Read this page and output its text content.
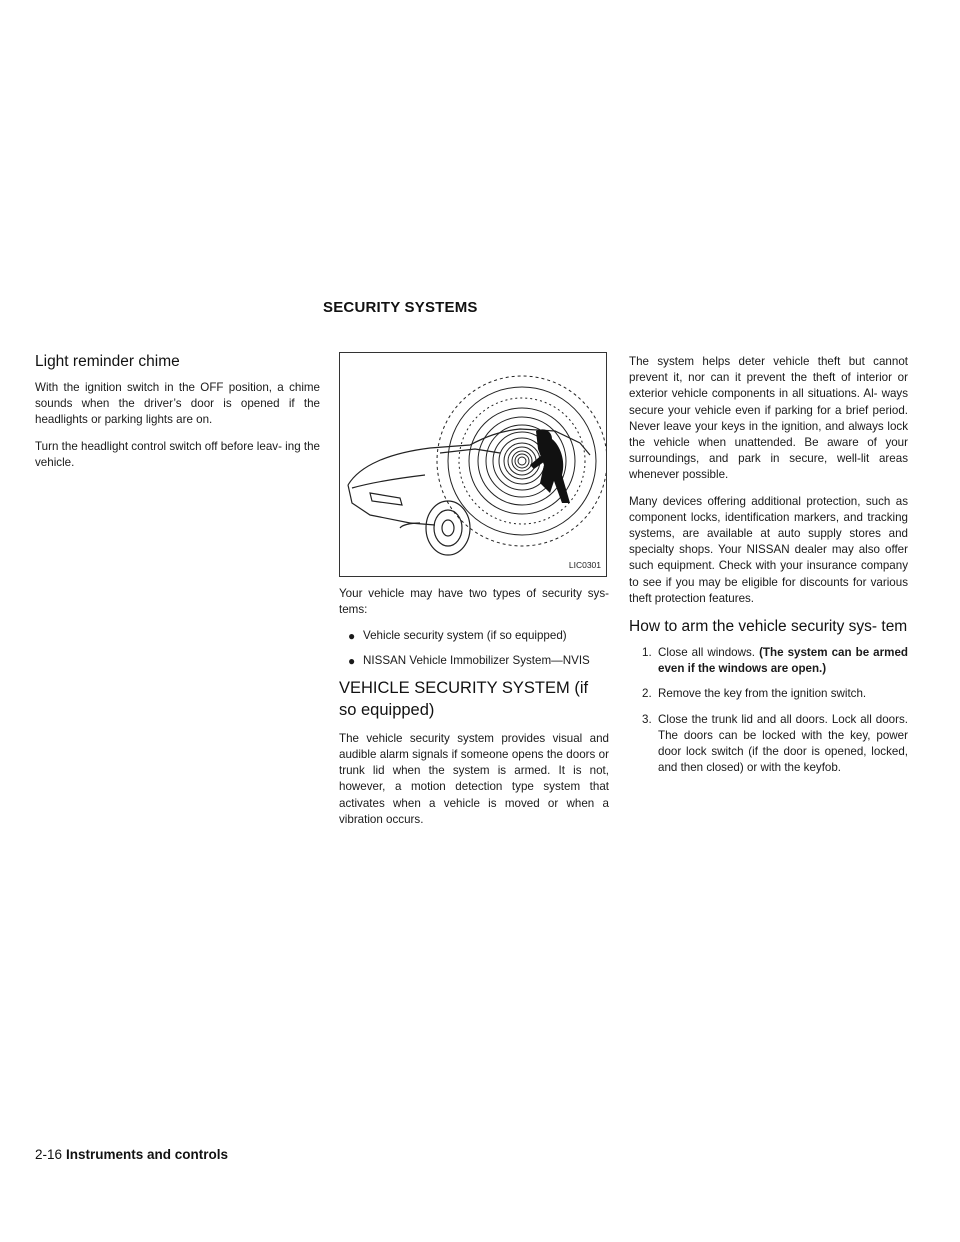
SECURITY SYSTEMS
Light reminder chime

With the ignition switch in the OFF position, a chime sounds when the driver’s door is opened if the headlights or parking lights are on.

Turn the headlight control switch off before leav- ing the vehicle.

LIC0301

Your vehicle may have two types of security sys- tems:

● Vehicle security system (if so equipped)
● NISSAN Vehicle Immobilizer System—NVIS
VEHICLE SECURITY SYSTEM (if so equipped)

The vehicle security system provides visual and audible alarm signals if someone opens the doors or trunk lid when the system is armed. It is not, however, a motion detection type system that activates when a vehicle is moved or when a vibration occurs.

The system helps deter vehicle theft but cannot prevent it, nor can it prevent the theft of interior or exterior vehicle components in all situations. Al- ways secure your vehicle even if parking for a brief period. Never leave your keys in the ignition, and always lock the vehicle when unattended. Be aware of your surroundings, and park in secure, well-lit areas whenever possible.

Many devices offering additional protection, such as component locks, identification markers, and tracking systems, are available at auto supply stores and specialty shops. Your NISSAN dealer may also offer such equipment. Check with your insurance company to see if you may be eligible for discounts for various theft protection features.

How to arm the vehicle security sys- tem
1. Close all windows. (The system can be armed even if the windows are open.)
2. Remove the key from the ignition switch.
3. Close the trunk lid and all doors. Lock all doors. The doors can be locked with the key, power door lock switch (if the door is opened, locked, and then closed) or with the keyfob.
2-16 Instruments and controls
